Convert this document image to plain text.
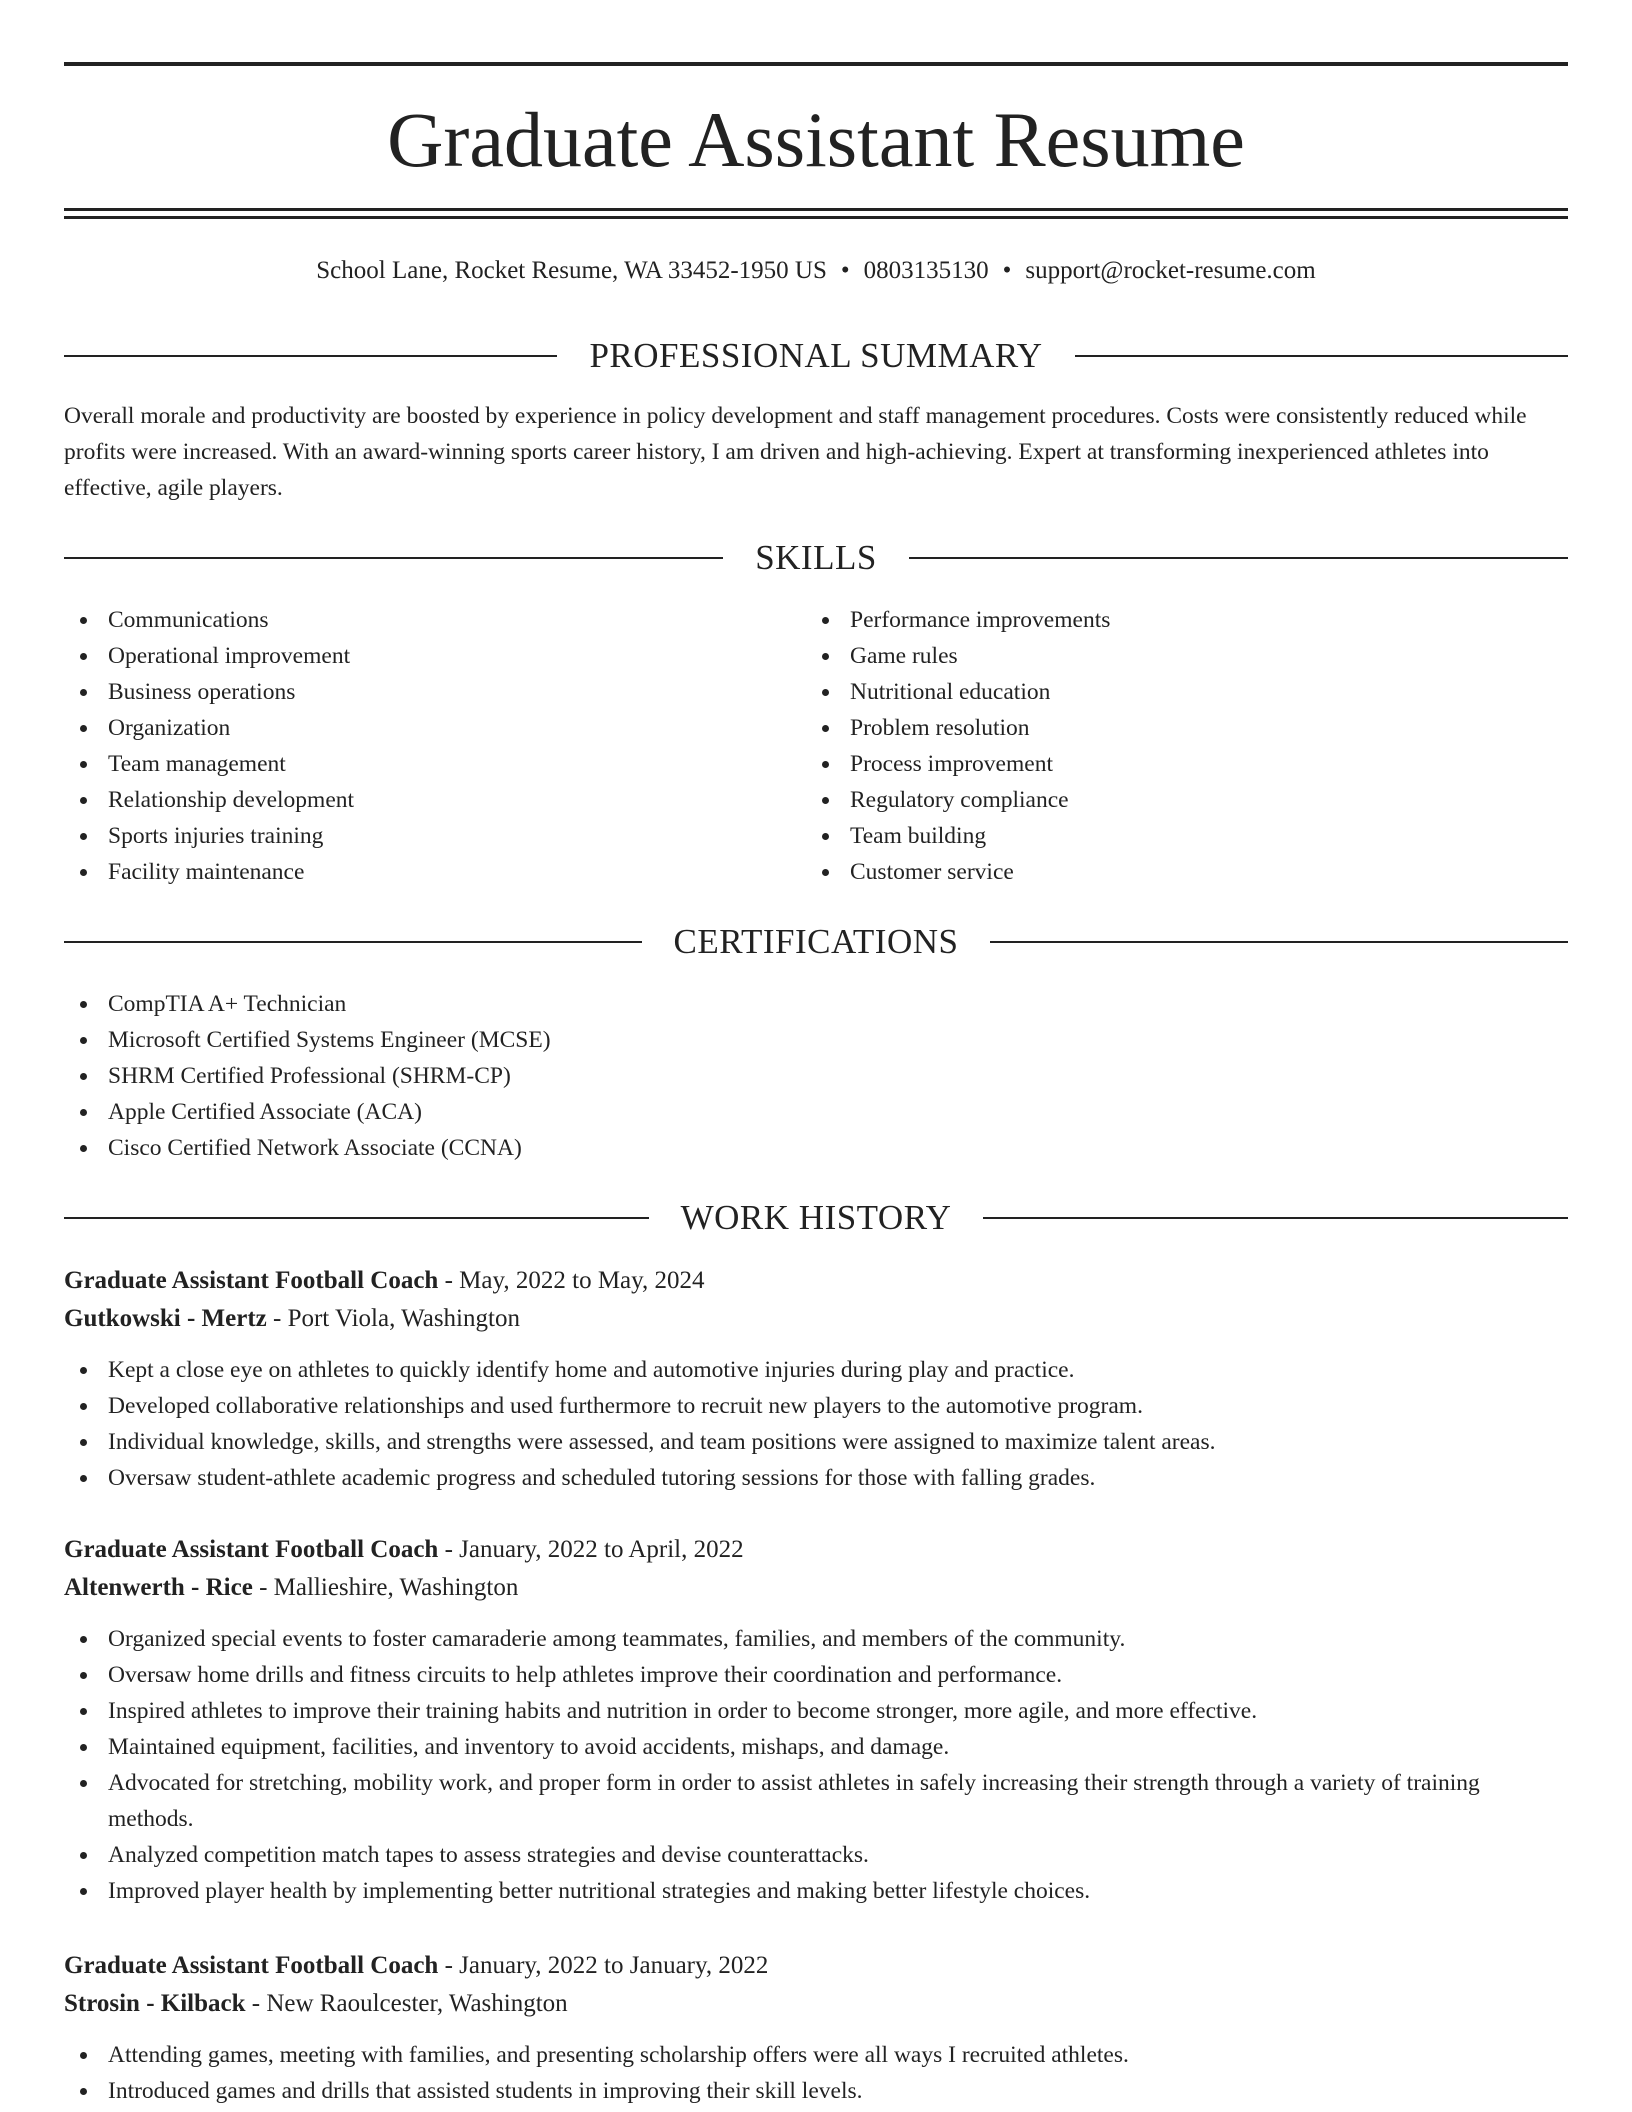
Graduate Assistant Resume
School Lane, Rocket Resume, WA 33452-1950 US • 0803135130 • support@rocket-resume.com
PROFESSIONAL SUMMARY

Overall morale and productivity are boosted by experience in policy development and staff management procedures. Costs were consistently reduced while profits were increased. With an award-winning sports career history, I am driven and high-achieving. Expert at transforming inexperienced athletes into effective, agile players.

SKILLS
Communications
Operational improvement
Business operations
Organization
Team management
Relationship development
Sports injuries training
Facility maintenance
Performance improvements
Game rules
Nutritional education
Problem resolution
Process improvement
Regulatory compliance
Team building
Customer service
CERTIFICATIONS
CompTIA A+ Technician
Microsoft Certified Systems Engineer (MCSE)
SHRM Certified Professional (SHRM-CP)
Apple Certified Associate (ACA)
Cisco Certified Network Associate (CCNA)
WORK HISTORY
Graduate Assistant Football Coach - May, 2022 to May, 2024
Gutkowski - Mertz - Port Viola, Washington
Kept a close eye on athletes to quickly identify home and automotive injuries during play and practice.
Developed collaborative relationships and used furthermore to recruit new players to the automotive program.
Individual knowledge, skills, and strengths were assessed, and team positions were assigned to maximize talent areas.
Oversaw student-athlete academic progress and scheduled tutoring sessions for those with falling grades.
Graduate Assistant Football Coach - January, 2022 to April, 2022
Altenwerth - Rice - Mallieshire, Washington
Organized special events to foster camaraderie among teammates, families, and members of the community.
Oversaw home drills and fitness circuits to help athletes improve their coordination and performance.
Inspired athletes to improve their training habits and nutrition in order to become stronger, more agile, and more effective.
Maintained equipment, facilities, and inventory to avoid accidents, mishaps, and damage.
Advocated for stretching, mobility work, and proper form in order to assist athletes in safely increasing their strength through a variety of training methods.
Analyzed competition match tapes to assess strategies and devise counterattacks.
Improved player health by implementing better nutritional strategies and making better lifestyle choices.
Graduate Assistant Football Coach - January, 2022 to January, 2022
Strosin - Kilback - New Raoulcester, Washington
Attending games, meeting with families, and presenting scholarship offers were all ways I recruited athletes.
Introduced games and drills that assisted students in improving their skill levels.
